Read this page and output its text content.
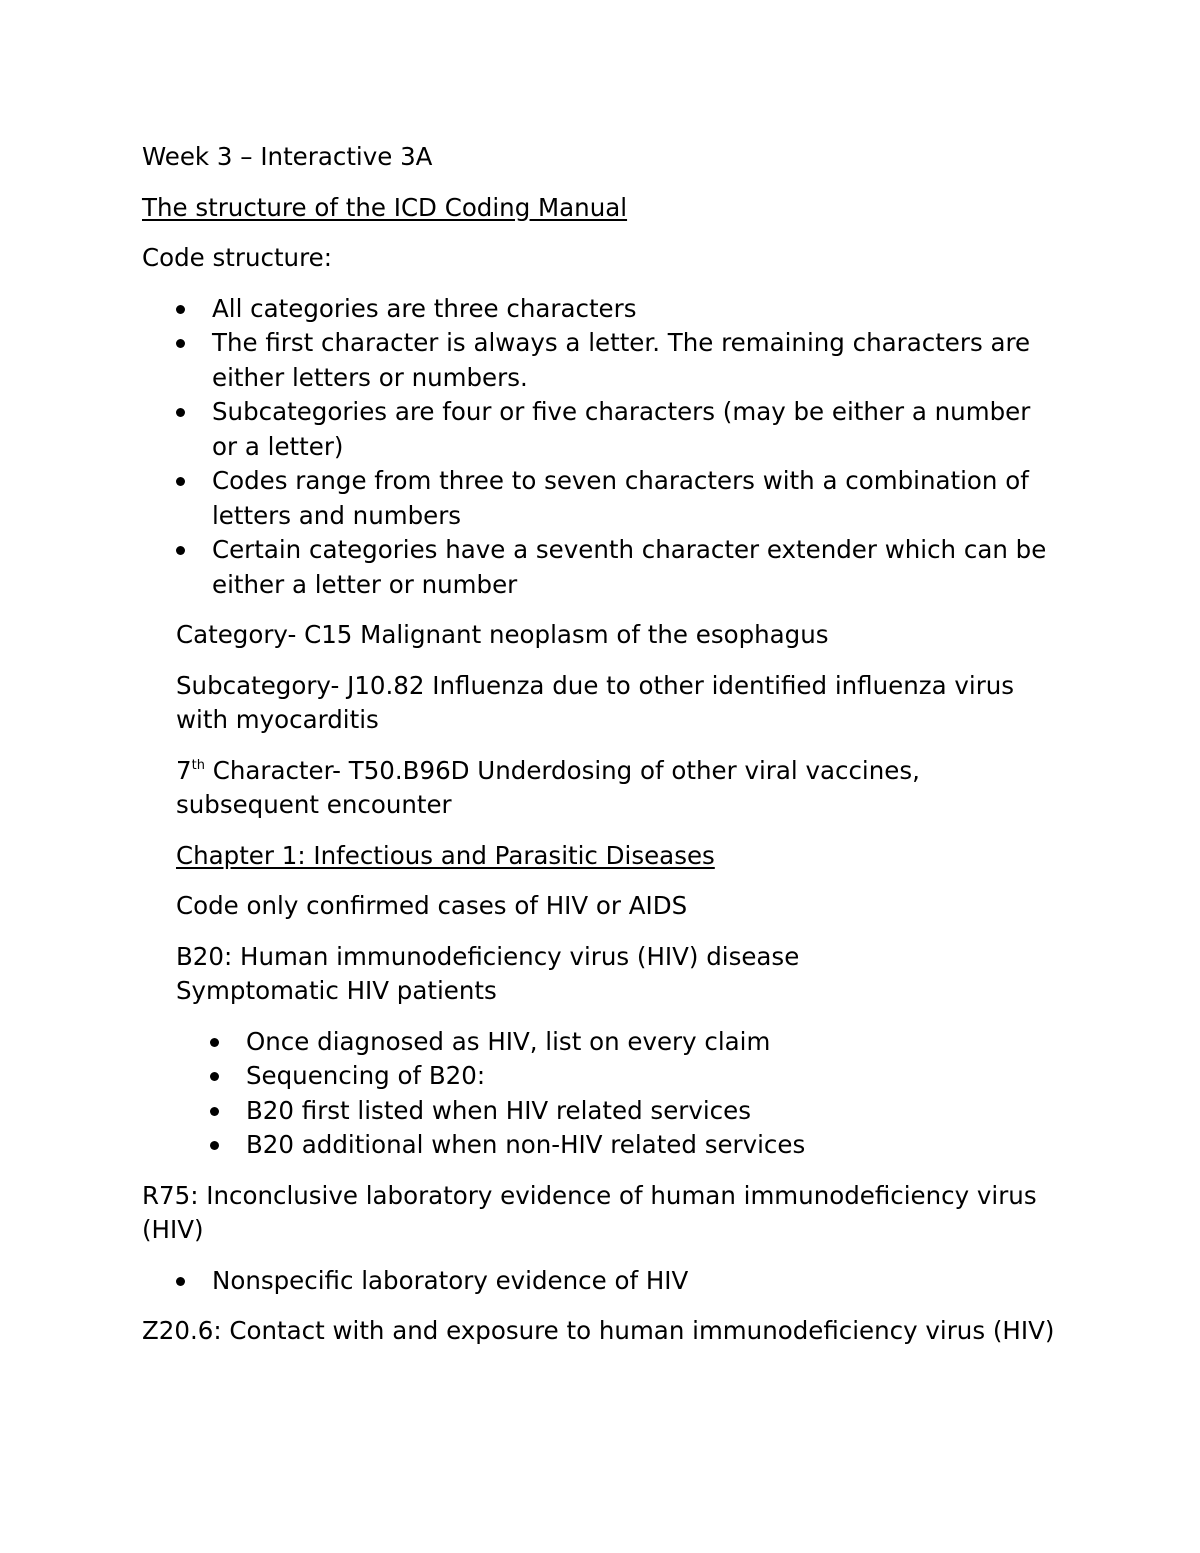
Week 3 – Interactive 3A

The structure of the ICD Coding Manual

Code structure:

All categories are three characters
The first character is always a letter. The remaining characters are either letters or numbers.
Subcategories are four or five characters (may be either a number or a letter)
Codes range from three to seven characters with a combination of letters and numbers
Certain categories have a seventh character extender which can be either a letter or number

Category- C15 Malignant neoplasm of the esophagus

Subcategory- J10.82 Influenza due to other identified influenza virus with myocarditis

7th Character- T50.B96D Underdosing of other viral vaccines, subsequent encounter

Chapter 1: Infectious and Parasitic Diseases

Code only confirmed cases of HIV or AIDS

B20: Human immunodeficiency virus (HIV) disease
Symptomatic HIV patients

Once diagnosed as HIV, list on every claim
Sequencing of B20:
B20 first listed when HIV related services
B20 additional when non-HIV related services

R75: Inconclusive laboratory evidence of human immunodeficiency virus (HIV)

Nonspecific laboratory evidence of HIV

Z20.6: Contact with and exposure to human immunodeficiency virus (HIV)
